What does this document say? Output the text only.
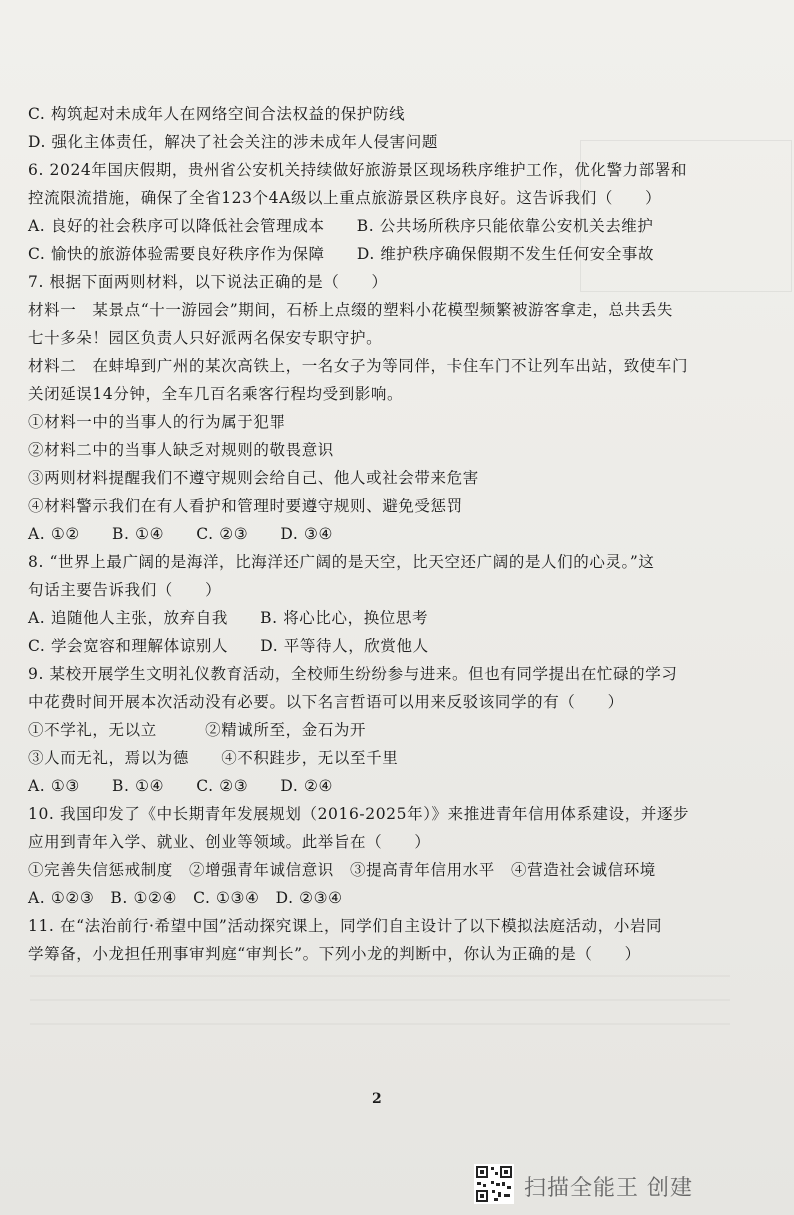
C. 构筑起对未成年人在网络空间合法权益的保护防线
D. 强化主体责任，解决了社会关注的涉未成年人侵害问题
6. 2024年国庆假期，贵州省公安机关持续做好旅游景区现场秩序维护工作，优化警力部署和
控流限流措施，确保了全省123个4A级以上重点旅游景区秩序良好。这告诉我们（　　）
A. 良好的社会秩序可以降低社会管理成本　　B. 公共场所秩序只能依靠公安机关去维护
C. 愉快的旅游体验需要良好秩序作为保障　　D. 维护秩序确保假期不发生任何安全事故
7. 根据下面两则材料，以下说法正确的是（　　）
材料一　某景点“十一游园会”期间，石桥上点缀的塑料小花模型频繁被游客拿走，总共丢失
七十多朵！园区负责人只好派两名保安专职守护。
材料二　在蚌埠到广州的某次高铁上，一名女子为等同伴，卡住车门不让列车出站，致使车门
关闭延误14分钟，全车几百名乘客行程均受到影响。
①材料一中的当事人的行为属于犯罪
②材料二中的当事人缺乏对规则的敬畏意识
③两则材料提醒我们不遵守规则会给自己、他人或社会带来危害
④材料警示我们在有人看护和管理时要遵守规则、避免受惩罚
A. ①②　　B. ①④　　C. ②③　　D. ③④
8. “世界上最广阔的是海洋，比海洋还广阔的是天空，比天空还广阔的是人们的心灵。”这
句话主要告诉我们（　　）
A. 追随他人主张，放弃自我　　B. 将心比心，换位思考
C. 学会宽容和理解体谅别人　　D. 平等待人，欣赏他人
9. 某校开展学生文明礼仪教育活动，全校师生纷纷参与进来。但也有同学提出在忙碌的学习
中花费时间开展本次活动没有必要。以下名言哲语可以用来反驳该同学的有（　　）
①不学礼，无以立　　　②精诚所至，金石为开
③人而无礼，焉以为德　　④不积跬步，无以至千里
A. ①③　　B. ①④　　C. ②③　　D. ②④
10. 我国印发了《中长期青年发展规划（2016-2025年）》来推进青年信用体系建设，并逐步
应用到青年入学、就业、创业等领域。此举旨在（　　）
①完善失信惩戒制度　②增强青年诚信意识　③提高青年信用水平　④营造社会诚信环境
A. ①②③　B. ①②④　C. ①③④　D. ②③④
11. 在“法治前行·希望中国”活动探究课上，同学们自主设计了以下模拟法庭活动，小岩同
学筹备，小龙担任刑事审判庭“审判长”。下列小龙的判断中，你认为正确的是（　　）
2
扫描全能王 创建
